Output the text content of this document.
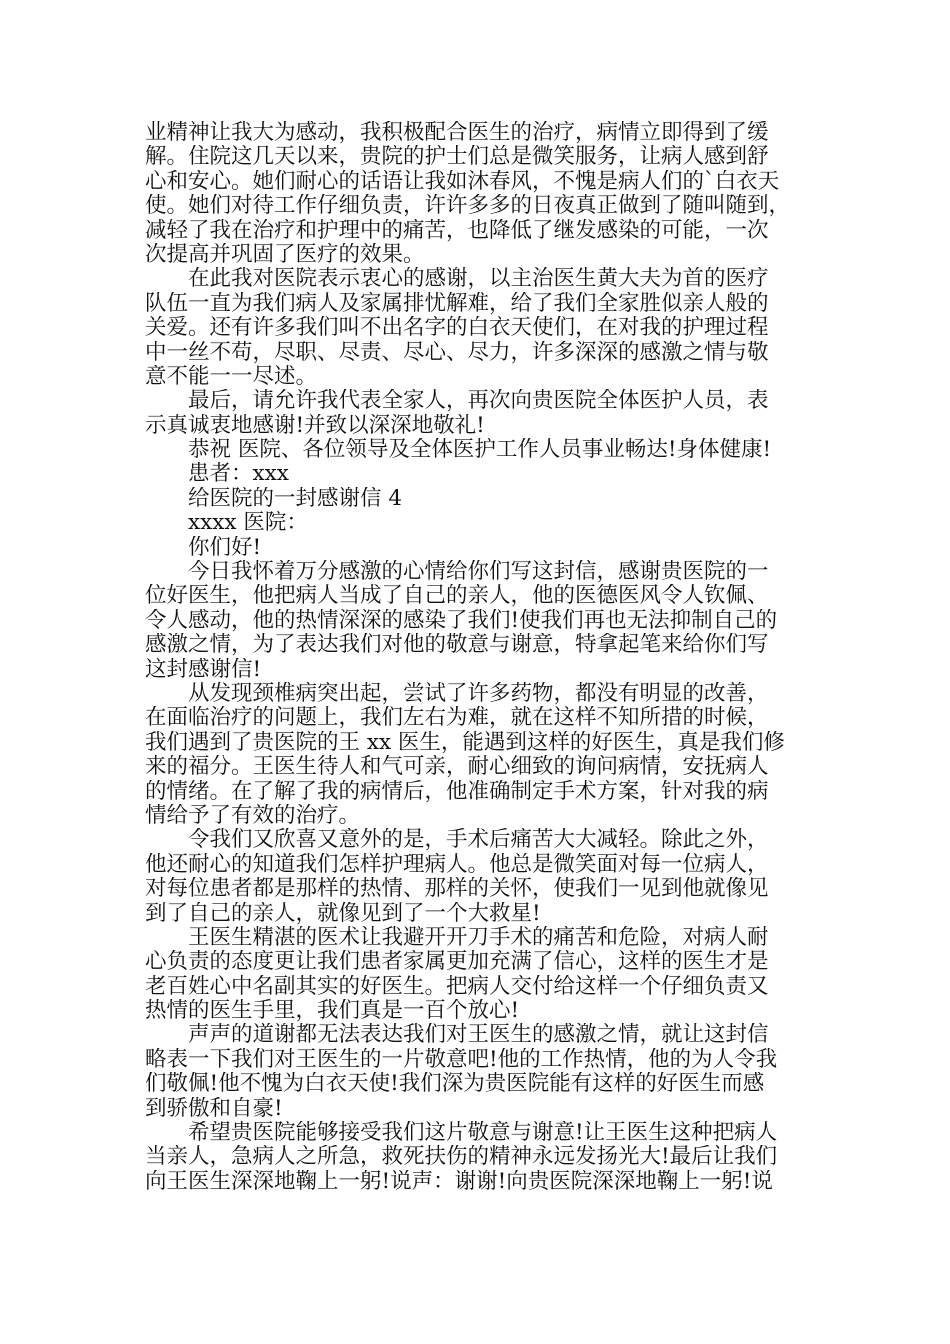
业精神让我大为感动，我积极配合医生的治疗，病情立即得到了缓
解。住院这几天以来，贵院的护士们总是微笑服务，让病人感到舒
心和安心。她们耐心的话语让我如沐春风，不愧是病人们的`白衣天
使。她们对待工作仔细负责，许许多多的日夜真正做到了随叫随到，
减轻了我在治疗和护理中的痛苦，也降低了继发感染的可能，一次
次提高并巩固了医疗的效果。
在此我对医院表示衷心的感谢，以主治医生黄大夫为首的医疗
队伍一直为我们病人及家属排忧解难，给了我们全家胜似亲人般的
关爱。还有许多我们叫不出名字的白衣天使们，在对我的护理过程
中一丝不苟，尽职、尽责、尽心、尽力，许多深深的感激之情与敬
意不能一一尽述。
最后，请允许我代表全家人，再次向贵医院全体医护人员，表
示真诚衷地感谢!并致以深深地敬礼!
恭祝 医院、各位领导及全体医护工作人员事业畅达!身体健康!
患者：xxx
给医院的一封感谢信 4
xxxx 医院：
你们好!
今日我怀着万分感激的心情给你们写这封信，感谢贵医院的一
位好医生，他把病人当成了自己的亲人，他的医德医风令人钦佩、
令人感动，他的热情深深的感染了我们!使我们再也无法抑制自己的
感激之情，为了表达我们对他的敬意与谢意，特拿起笔来给你们写
这封感谢信!
从发现颈椎病突出起，尝试了许多药物，都没有明显的改善，
在面临治疗的问题上，我们左右为难，就在这样不知所措的时候，
我们遇到了贵医院的王 xx 医生，能遇到这样的好医生，真是我们修
来的福分。王医生待人和气可亲，耐心细致的询问病情，安抚病人
的情绪。在了解了我的病情后，他准确制定手术方案，针对我的病
情给予了有效的治疗。
令我们又欣喜又意外的是，手术后痛苦大大减轻。除此之外，
他还耐心的知道我们怎样护理病人。他总是微笑面对每一位病人，
对每位患者都是那样的热情、那样的关怀，使我们一见到他就像见
到了自己的亲人，就像见到了一个大救星!
王医生精湛的医术让我避开开刀手术的痛苦和危险，对病人耐
心负责的态度更让我们患者家属更加充满了信心，这样的医生才是
老百姓心中名副其实的好医生。把病人交付给这样一个仔细负责又
热情的医生手里，我们真是一百个放心!
声声的道谢都无法表达我们对王医生的感激之情，就让这封信
略表一下我们对王医生的一片敬意吧!他的工作热情，他的为人令我
们敬佩!他不愧为白衣天使!我们深为贵医院能有这样的好医生而感
到骄傲和自豪!
希望贵医院能够接受我们这片敬意与谢意!让王医生这种把病人
当亲人，急病人之所急，救死扶伤的精神永远发扬光大!最后让我们
向王医生深深地鞠上一躬!说声：谢谢!向贵医院深深地鞠上一躬!说
